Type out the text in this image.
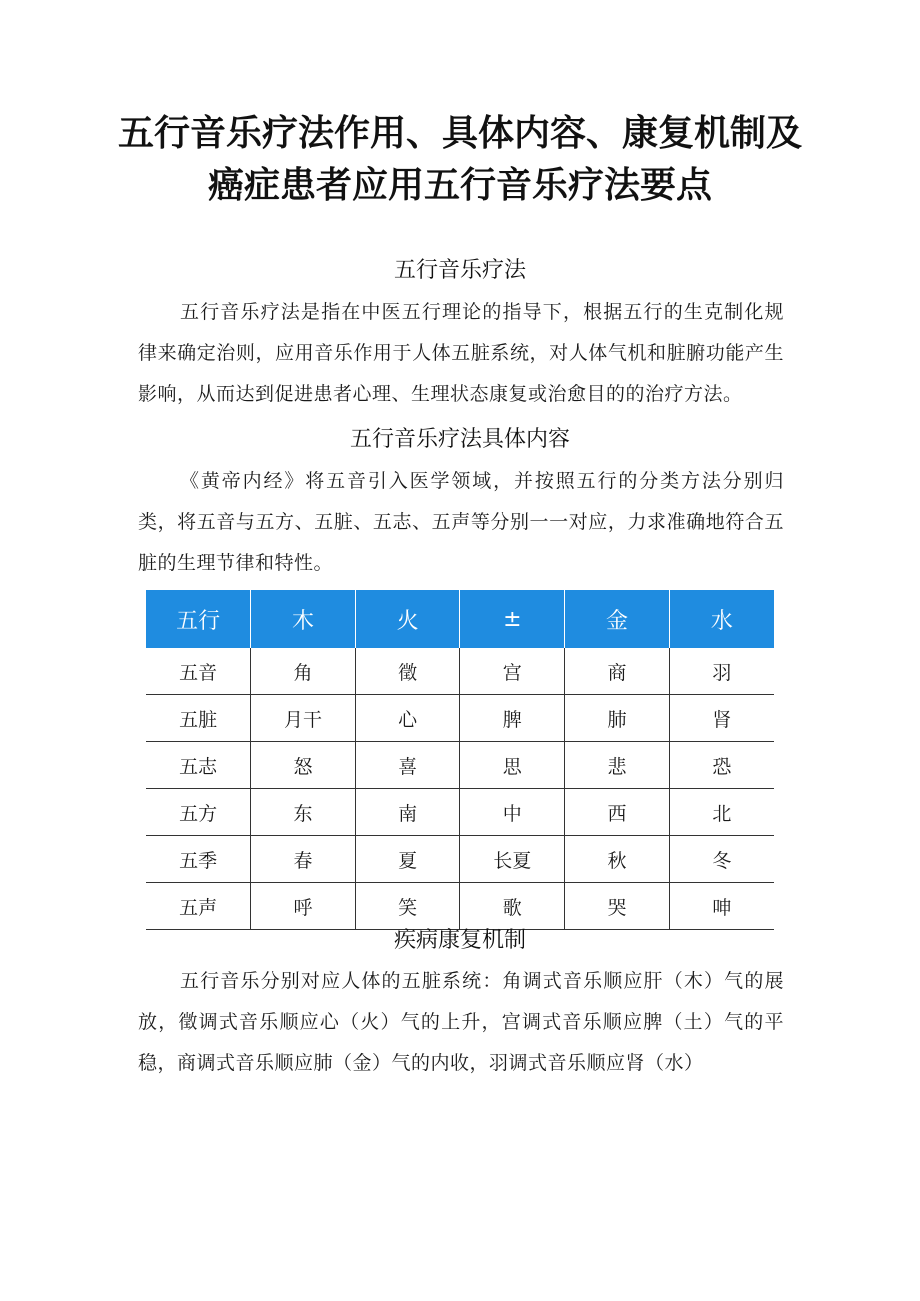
五行音乐疗法作用、具体内容、康复机制及
癌症患者应用五行音乐疗法要点
五行音乐疗法

五行音乐疗法是指在中医五行理论的指导下，根据五行的生克制化规律来确定治则，应用音乐作用于人体五脏系统，对人体气机和脏腑功能产生影响，从而达到促进患者心理、生理状态康复或治愈目的的治疗方法。

五行音乐疗法具体内容

《黄帝内经》将五音引入医学领域，并按照五行的分类方法分别归类，将五音与五方、五脏、五志、五声等分别一一对应，力求准确地符合五脏的生理节律和特性。

五行	木	火	±	金	水
五音	角	徵	宫	商	羽
五脏	月干	心	脾	肺	肾
五志	怒	喜	思	悲	恐
五方	东	南	中	西	北
五季	春	夏	长夏	秋	冬
五声	呼	笑	歌	哭	呻
疾病康复机制

五行音乐分别对应人体的五脏系统：角调式音乐顺应肝（木）气的展放，徵调式音乐顺应心（火）气的上升，宫调式音乐顺应脾（土）气的平稳，商调式音乐顺应肺（金）气的内收，羽调式音乐顺应肾（水）
